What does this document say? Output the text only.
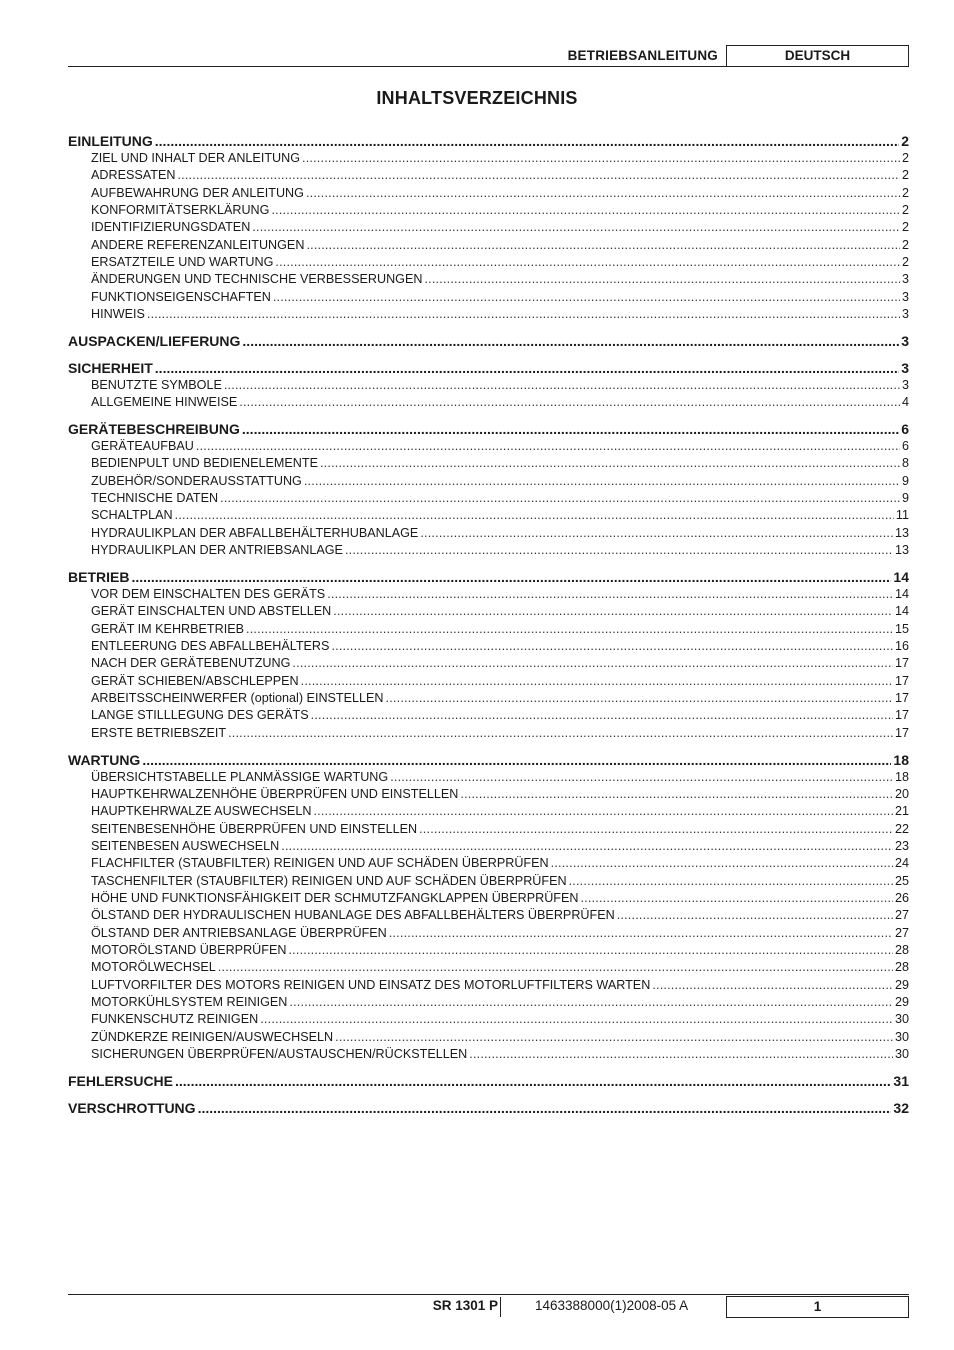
BETRIEBSANLEITUNG	DEUTSCH
INHALTSVERZEICHNIS
EINLEITUNG .....	2
ZIEL UND INHALT DER ANLEITUNG .....	2
ADRESSATEN .....	2
AUFBEWAHRUNG DER ANLEITUNG .....	2
KONFORMITÄTSERKLÄRUNG .....	2
IDENTIFIZIERUNGSDATEN .....	2
ANDERE REFERENZANLEITUNGEN .....	2
ERSATZTEILE UND WARTUNG .....	2
ÄNDERUNGEN UND TECHNISCHE VERBESSERUNGEN .....	3
FUNKTIONSEIGENSCHAFTEN .....	3
HINWEIS .....	3
AUSPACKEN/LIEFERUNG .....	3
SICHERHEIT .....	3
BENUTZTE SYMBOLE .....	3
ALLGEMEINE HINWEISE .....	4
GERÄTEBESCHREIBUNG .....	6
GERÄTEAUFBAU .....	6
BEDIENPULT UND BEDIENELEMENTE .....	8
ZUBEHÖR/SONDERAUSSTATTUNG .....	9
TECHNISCHE DATEN .....	9
SCHALTPLAN .....	11
HYDRAULIKPLAN DER ABFALLBEHÄLTERHUBANLAGE .....	13
HYDRAULIKPLAN DER ANTRIEBSANLAGE .....	13
BETRIEB .....	14
VOR DEM EINSCHALTEN DES GERÄTS .....	14
GERÄT EINSCHALTEN UND ABSTELLEN .....	14
GERÄT IM KEHRBETRIEB .....	15
ENTLEERUNG DES ABFALLBEHÄLTERS .....	16
NACH DER GERÄTEBENUTZUNG .....	17
GERÄT SCHIEBEN/ABSCHLEPPEN .....	17
ARBEITSSCHEINWERFER (optional) EINSTELLEN .....	17
LANGE STILLLEGUNG DES GERÄTS .....	17
ERSTE BETRIEBSZEIT .....	17
WARTUNG .....	18
ÜBERSICHTSTABELLE PLANMÄSSIGE WARTUNG .....	18
HAUPTKEHRWALZENHÖHE ÜBERPRÜFEN UND EINSTELLEN .....	20
HAUPTKEHRWALZE AUSWECHSELN .....	21
SEITENBESENHÖHE ÜBERPRÜFEN UND EINSTELLEN .....	22
SEITENBESEN AUSWECHSELN .....	23
FLACHFILTER (STAUBFILTER) REINIGEN UND AUF SCHÄDEN ÜBERPRÜFEN .....	24
TASCHENFILTER (STAUBFILTER) REINIGEN UND AUF SCHÄDEN ÜBERPRÜFEN .....	25
HÖHE UND FUNKTIONSFÄHIGKEIT DER SCHMUTZFANGKLAPPEN ÜBERPRÜFEN .....	26
ÖLSTAND DER HYDRAULISCHEN HUBANLAGE DES ABFALLBEHÄLTERS ÜBERPRÜFEN .....	27
ÖLSTAND DER ANTRIEBSANLAGE ÜBERPRÜFEN .....	27
MOTORÖLSTAND ÜBERPRÜFEN .....	28
MOTORÖLWECHSEL .....	28
LUFTVORFILTER DES MOTORS REINIGEN UND EINSATZ DES MOTORLUFTFILTERS WARTEN .....	29
MOTORKÜHLSYSTEM REINIGEN .....	29
FUNKENSCHUTZ REINIGEN .....	30
ZÜNDKERZE REINIGEN/AUSWECHSELN .....	30
SICHERUNGEN ÜBERPRÜFEN/AUSTAUSCHEN/RÜCKSTELLEN .....	30
FEHLERSUCHE .....	31
VERSCHROTTUNG .....	32
SR 1301 P	1463388000(1)2008-05 A	1
